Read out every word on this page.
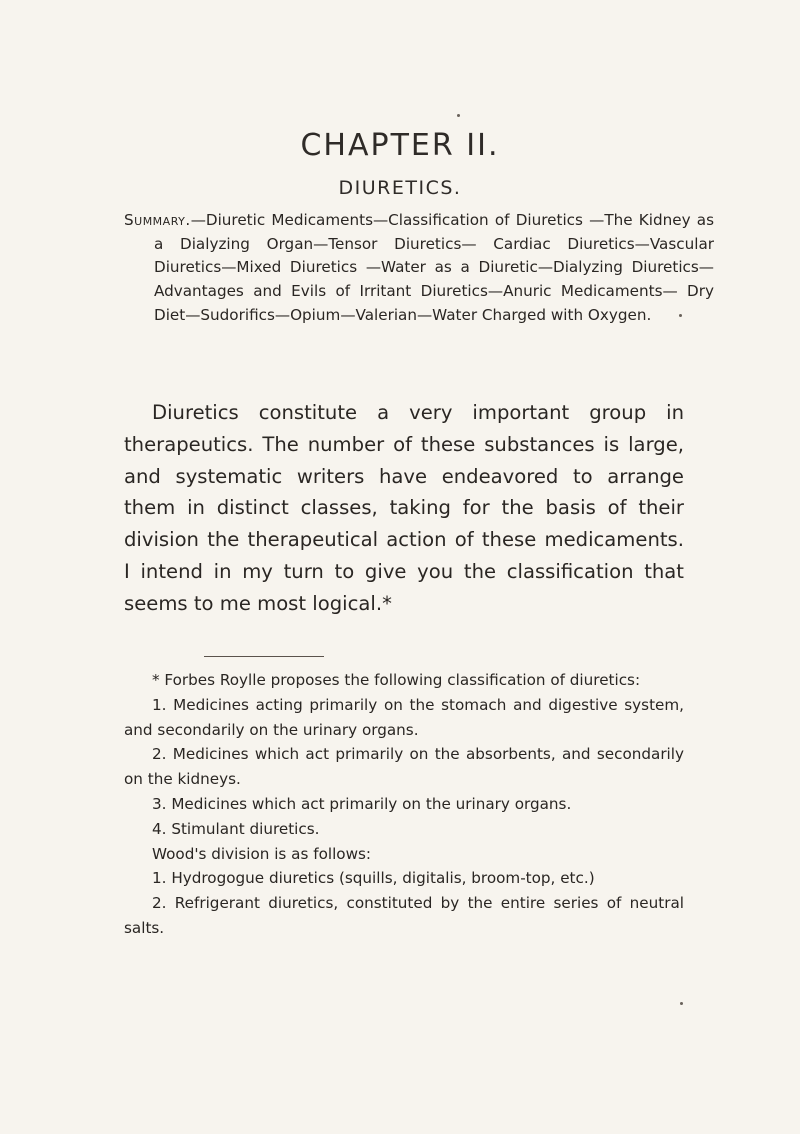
CHAPTER II.
DIURETICS.
Summary.—Diuretic Medicaments—Classification of Diuretics —The Kidney as a Dialyzing Organ—Tensor Diuretics— Cardiac Diuretics—Vascular Diuretics—Mixed Diuretics —Water as a Diuretic—Dialyzing Diuretics—Advantages and Evils of Irritant Diuretics—Anuric Medicaments— Dry Diet—Sudorifics—Opium—Valerian—Water Charged with Oxygen.

Diuretics constitute a very important group in therapeutics. The number of these substances is large, and systematic writers have endeavored to arrange them in distinct classes, taking for the basis of their division the therapeutical action of these medicaments. I intend in my turn to give you the classification that seems to me most logical.*

* Forbes Roylle proposes the following classification of diuretics:

1. Medicines acting primarily on the stomach and digestive system, and secondarily on the urinary organs.

2. Medicines which act primarily on the absorbents, and secondarily on the kidneys.

3. Medicines which act primarily on the urinary organs.

4. Stimulant diuretics.

Wood's division is as follows:

1. Hydrogogue diuretics (squills, digitalis, broom-top, etc.)

2. Refrigerant diuretics, constituted by the entire series of neutral salts.
